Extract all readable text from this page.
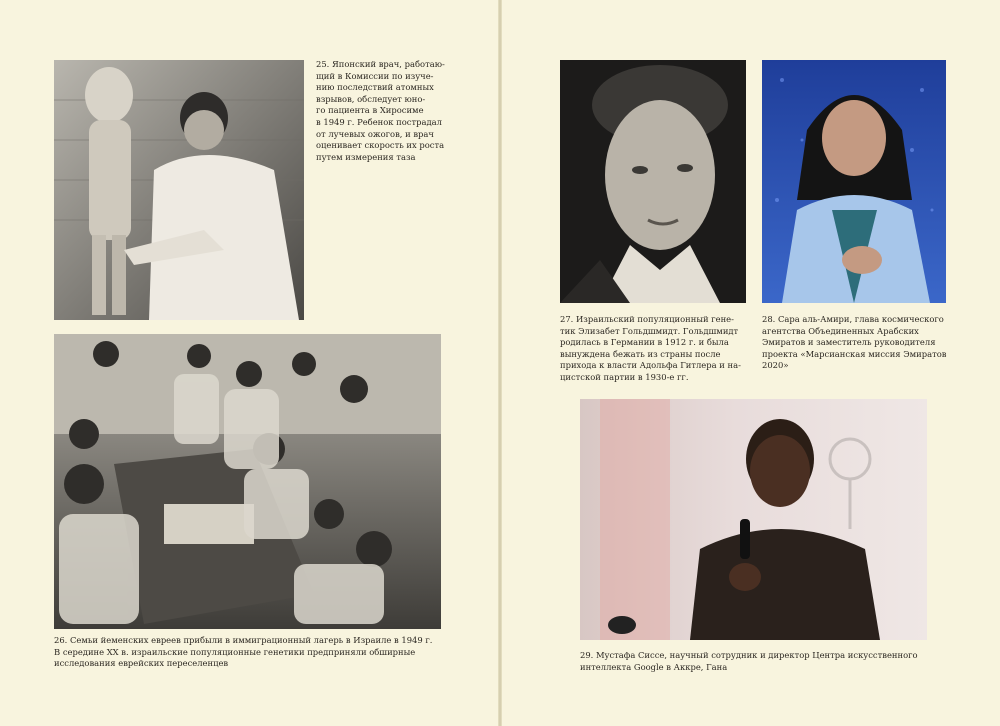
25. Японский врач, работаю-
щий в Комиссии по изуче-
нию последствий атомных
взрывов, обследует юно-
го пациента в Хиросиме
в 1949 г. Ребенок пострадал
от лучевых ожогов, и врач
оценивает скорость их роста
путем измерения таза
26. Семьи йеменских евреев прибыли в иммиграционный лагерь в Израиле в 1949 г.
В середине XX в. израильские популяционные генетики предприняли обширные
исследования еврейских переселенцев
27. Израильский популяционный гене-
тик Элизабет Гольдшмидт. Гольдшмидт
родилась в Германии в 1912 г. и была
вынуждена бежать из страны после
прихода к власти Адольфа Гитлера и на-
цистской партии в 1930-е гг.
28. Сара аль-Амири, глава космического
агентства Объединенных Арабских
Эмиратов и заместитель руководителя
проекта «Марсианская миссия Эмиратов
2020»
29. Мустафа Сиссе, научный сотрудник и директор Центра искусственного
интеллекта Google в Аккре, Гана
